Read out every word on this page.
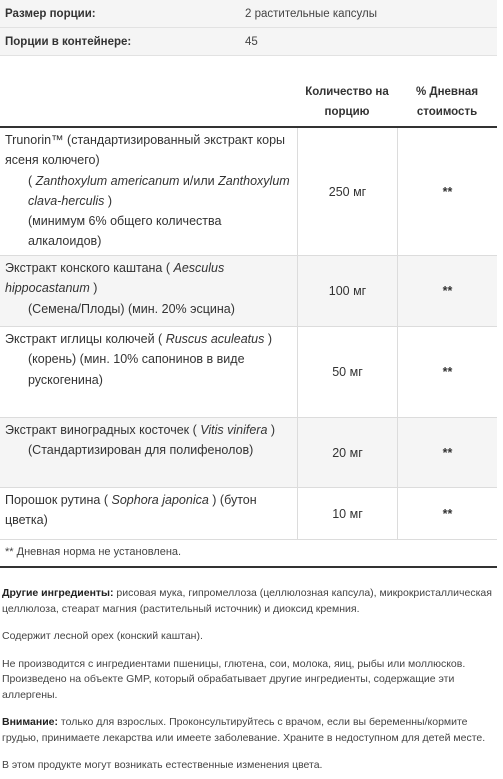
Размер порции:	2 растительные капсулы
Порции в контейнере:	45
Количество на порцию
% Дневная стоимость
Trunorin™ (стандартизированный экстракт коры ясеня колючего)
( Zanthoxylum americanum и/или Zanthoxylum clava-herculis )
(минимум 6% общего количества алкалоидов)
250 мг	**
Экстракт конского каштана ( Aesculus hippocastanum )
(Семена/Плоды) (мин. 20% эсцина)
100 мг	**
Экстракт иглицы колючей ( Ruscus aculeatus )
(корень) (мин. 10% сапонинов в виде рускогенина)
50 мг	**
Экстракт виноградных косточек ( Vitis vinifera )
(Стандартизирован для полифенолов)	20 мг	**
Порошок рутина ( Sophora japonica ) (бутон цветка)	10 мг	**
** Дневная норма не установлена.

Другие ингредиенты: рисовая мука, гипромеллоза (целлюлозная капсула), микрокристаллическая целлюлоза, стеарат магния (растительный источник) и диоксид кремния.

Содержит лесной орех (конский каштан).

Не производится с ингредиентами пшеницы, глютена, сои, молока, яиц, рыбы или моллюсков. Произведено на объекте GMP, который обрабатывает другие ингредиенты, содержащие эти аллергены.

Внимание: только для взрослых. Проконсультируйтесь с врачом, если вы беременны/кормите грудью, принимаете лекарства или имеете заболевание. Храните в недоступном для детей месте.

В этом продукте могут возникать естественные изменения цвета.
